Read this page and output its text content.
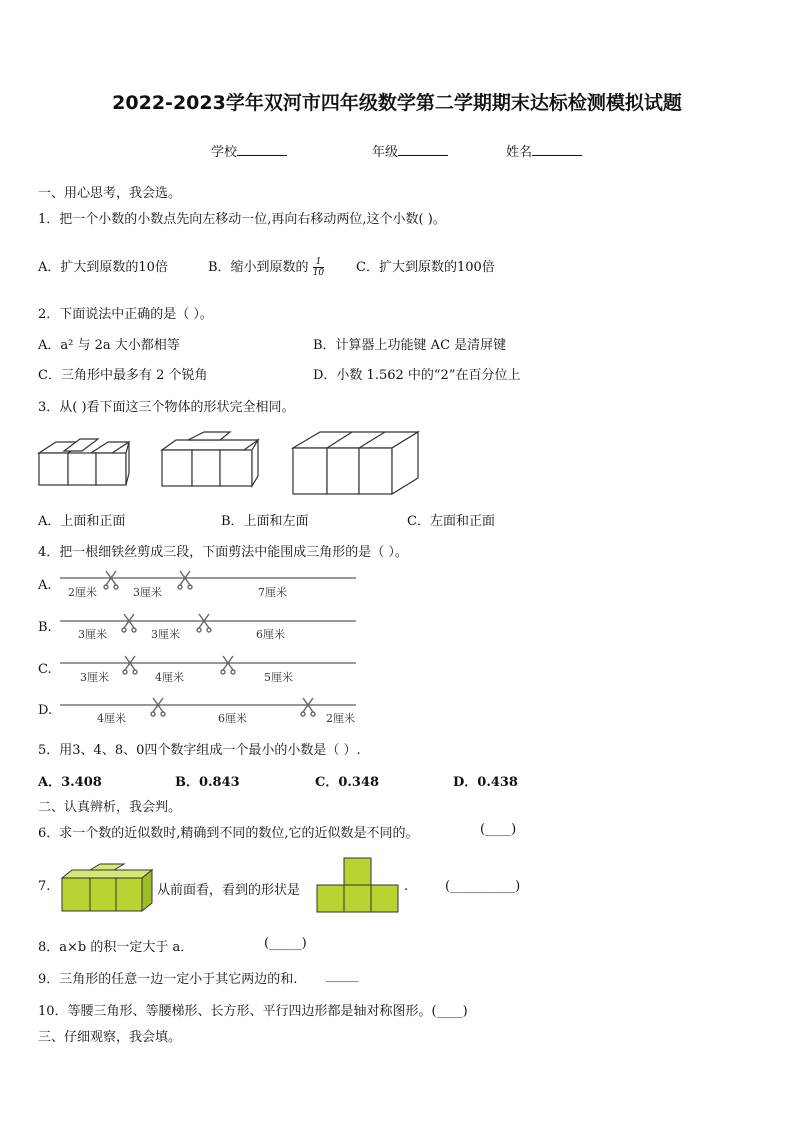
2022-2023学年双河市四年级数学第二学期期末达标检测模拟试题
学校	年级	姓名
一、用心思考，我会选。
1．把一个小数的小数点先向左移动一位,再向右移动两位,这个小数( )。
A．扩大到原数的10倍	B．缩小到原数的 $\frac{1}{10}$ C．扩大到原数的100倍
2．下面说法中正确的是（ ）。
A．a² 与 2a 大小都相等	B．计算器上功能键 AC 是清屏键
C．三角形中最多有 2 个锐角	D．小数 1.562 中的“2”在百分位上
3．从( )看下面这三个物体的形状完全相同。
A．上面和正面	B．上面和左面	C．左面和正面
4．把一根细铁丝剪成三段，下面剪法中能围成三角形的是（ ）。
A. 2厘米	3厘米	7厘米
B. 3厘米	3厘米	6厘米
C.
3厘米	4厘米	5厘米
D.
4厘米	6厘米	2厘米
5．用3、4、8、0四个数字组成一个最小的小数是（ ）.
A．3.408	B．0.843	C．0.348	D．0.438
二、认真辨析，我会判。
6．求一个数的近似数时,精确到不同的数位,它的近似数是不同的。	(____)
7.	从前面看，看到的形状是	.	(__________)
8．a×b 的积一定大于 a．	(_____)
9．三角形的任意一边一定小于其它两边的和. _____
10．等腰三角形、等腰梯形、长方形、平行四边形都是轴对称图形。(____)
三、仔细观察，我会填。
